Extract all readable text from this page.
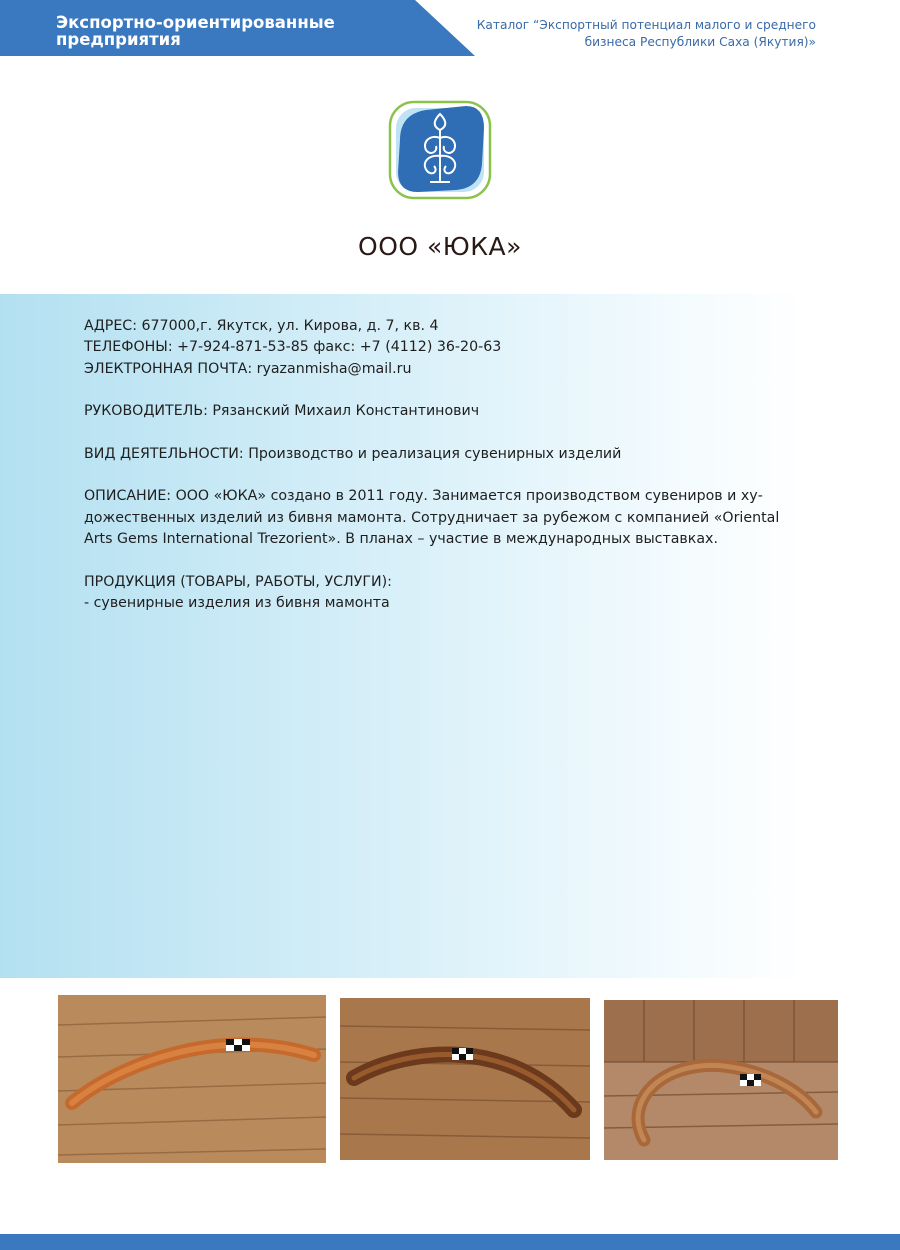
Экспортно-ориентированные предприятия
Каталог “Экспортный потенциал малого и среднего
бизнеса Республики Саха (Якутия)»
ООО «ЮКА»

АДРЕС: 677000,г. Якутск, ул. Кирова, д. 7, кв. 4
ТЕЛЕФОНЫ: +7-924-871-53-85 факс: +7 (4112) 36-20-63
ЭЛЕКТРОННАЯ ПОЧТА: ryazanmisha@mail.ru

РУКОВОДИТЕЛЬ: Рязанский Михаил Константинович

ВИД ДЕЯТЕЛЬНОСТИ: Производство и реализация сувенирных изделий

ОПИСАНИЕ: ООО «ЮКА» создано в 2011 году. Занимается производством сувениров и ху-
дожественных изделий из бивня мамонта. Сотрудничает за рубежом с компанией «Oriental
Arts Gems International Trezorient». В планах – участие в международных выставках.

ПРОДУКЦИЯ (ТОВАРЫ, РАБОТЫ, УСЛУГИ):
- сувенирные изделия из бивня мамонта
